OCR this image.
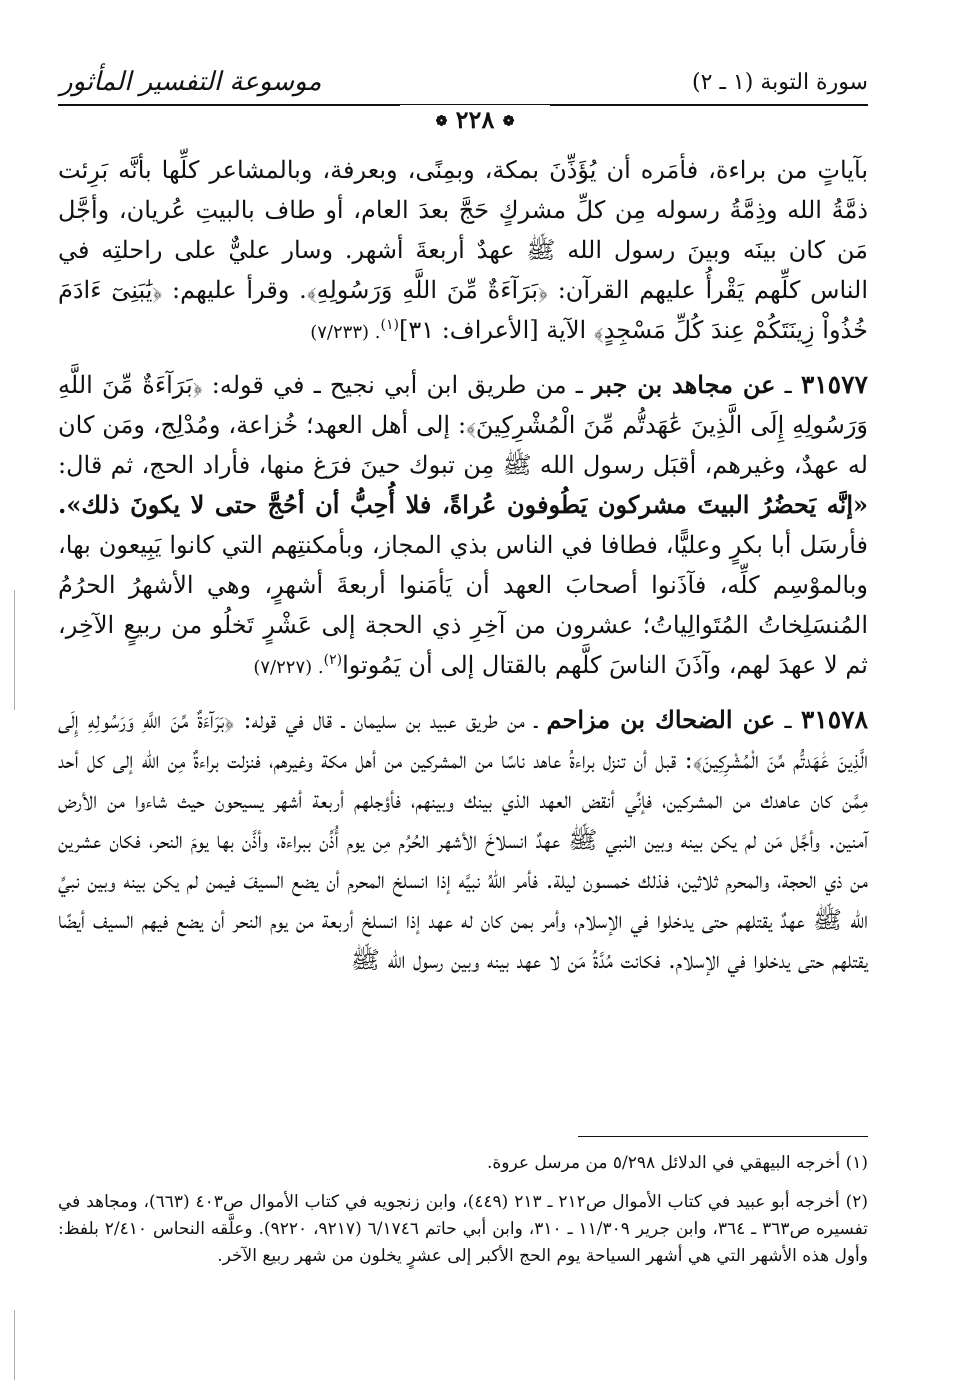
سورة التوبة (١ ـ ٢)
موسوعة التفسير المأثور
❁ ٢٢٨ ❁
بآياتٍ من براءة، فأمَره أن يُؤَذِّنَ بمكة، وبمِنًى، وبعرفة، وبالمشاعر كلِّها بأنَّه بَرِئت ذمَّةُ الله وذِمَّةُ رسوله مِن كلِّ مشركٍ حَجَّ بعدَ العام، أو طاف بالبيتِ عُريان، وأجَّل مَن كان بينَه وبينَ رسول الله ﷺ عهدٌ أربعةَ أشهر. وسار عليٌّ على راحلتِه في الناس كلِّهم يَقْرأُ عليهم القرآن: ﴿بَرَآءَةٌ مِّنَ اللَّهِ وَرَسُولِهِ﴾. وقرأ عليهم: ﴿يَٰبَنِىٓ ءَادَمَ خُذُواْ زِينَتَكُمْ عِندَ كُلِّ مَسْجِدٍ﴾ الآية [الأعراف: ٣١]$^{(١)}$. (٧/٢٣٣)
٣١٥٧٧ ـ عن مجاهد بن جبر ـ من طريق ابن أبي نجيح ـ في قوله: ﴿بَرَآءَةٌ مِّنَ اللَّهِ وَرَسُولِهِ إِلَى الَّذِينَ عَٰهَدتُّم مِّنَ الْمُشْرِكِينَ﴾: إلى أهل العهد؛ خُزاعة، ومُدْلِج، ومَن كان له عهدٌ، وغيرهم، أقبَل رسول الله ﷺ مِن تبوك حينَ فرَغ منها، فأراد الحج، ثم قال: «إنَّه يَحضُرُ البيتَ مشركون يَطُوفون عُراةً، فلا أُحِبُّ أن أحُجَّ حتى لا يكونَ ذلك». فأرسَل أبا بكرٍ وعليًّا، فطافا في الناس بذي المجاز، وبأمكنتِهم التي كانوا يَبِيعون بها، وبالموْسِم كلِّه، فآذَنوا أصحابَ العهد أن يَأمَنوا أربعةَ أشهرٍ، وهي الأشهرُ الحرُمُ المُنسَلِخاتُ المُتَوالِياتُ؛ عشرون من آخِرِ ذي الحجة إلى عَشْرٍ تَخلُو من ربيعٍ الآخِر، ثم لا عهدَ لهم، وآذَنَ الناسَ كلَّهم بالقتال إلى أن يَمُوتوا$^{(٢)}$. (٧/٢٢٧)
٣١٥٧٨ ـ عن الضحاك بن مزاحم ـ من طريق عبيد بن سليمان ـ قال في قوله: ﴿بَرَآءَةٌ مِّنَ اللَّهِ وَرَسُولِهِ إِلَى الَّذِينَ عَٰهَدتُّم مِّنَ الْمُشْرِكِينَ﴾: قبل أن تنزل براءةُ عاهد ناسًا من المشركين من أهل مكة وغيرهم، فنزلت براءةٌ مِن الله إلى كل أحد مِمَّن كان عاهدك من المشركين، فإنِّي أنقض العهد الذي بينك وبينهم، فأؤجلهم أربعة أشهر يسيحون حيث شاءوا من الأرض آمنين. وأجَّل مَن لم يكن بينه وبين النبي ﷺ عهدٌ انسلاخَ الأشهر الحُرُم مِن يوم أُذِّن ببراءة، وأذَّن بها يومَ النحر، فكان عشرين من ذي الحجة، والمحرم ثلاثين، فذلك خمسون ليلة. فأمر اللهُ نبيَّه إذا انسلخ المحرم أن يضع السيفَ فيمن لم يكن بينه وبين نبيِّ الله ﷺ عهدٌ يقتلهم حتى يدخلوا في الإسلام، وأمر بمن كان له عهد إذا انسلخ أربعة من يوم النحر أن يضع فيهم السيف أيضًا يقتلهم حتى يدخلوا في الإسلام. فكانت مُدَّةُ مَن لا عهد بينه وبين رسول الله ﷺ
(١) أخرجه البيهقي في الدلائل ٥/٢٩٨ من مرسل عروة.
(٢) أخرجه أبو عبيد في كتاب الأموال ص٢١٢ ـ ٢١٣ (٤٤٩)، وابن زنجويه في كتاب الأموال ص٤٠٣ (٦٦٣)، ومجاهد في تفسيره ص٣٦٣ ـ ٣٦٤، وابن جرير ١١/٣٠٩ ـ ٣١٠، وابن أبي حاتم ٦/١٧٤٦ (٩٢١٧، ٩٢٢٠). وعلَّقه النحاس ٢/٤١٠ بلفظ: وأول هذه الأشهر التي هي أشهر السياحة يوم الحج الأكبر إلى عشرٍ يخلون من شهر ربيع الآخر.
